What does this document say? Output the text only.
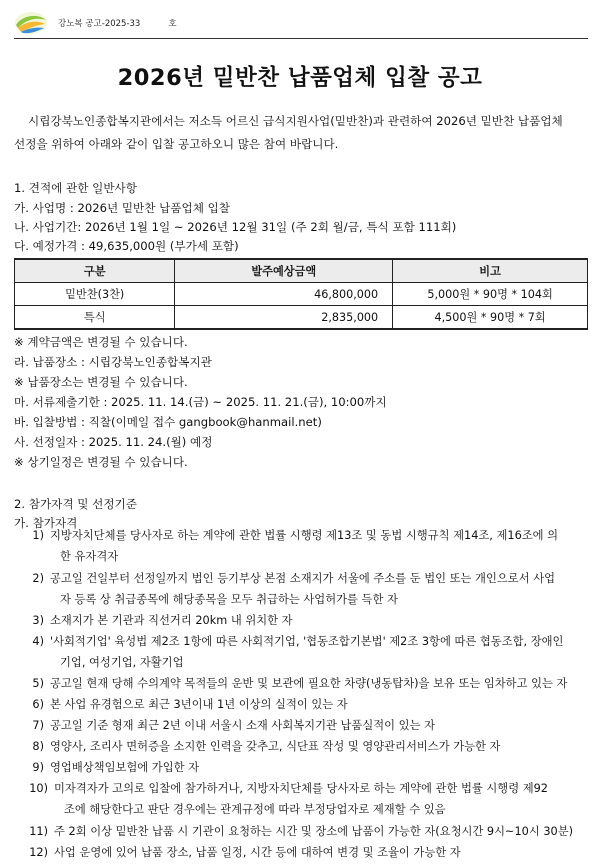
강노복 공고-2025-33	호
2026년 밑반찬 납품업체 입찰 공고
시립강북노인종합복지관에서는 저소득 어르신 급식지원사업(밑반찬)과 관련하여 2026년 밑반찬 납품업체
선정을 위하여 아래와 같이 입찰 공고하오니 많은 참여 바랍니다.
1. 견적에 관한 일반사항
가. 사업명 : 2026년 밑반찬 납품업체 입찰
나. 사업기간: 2026년 1월 1일 ~ 2026년 12월 31일 (주 2회 월/금, 특식 포함 111회)
다. 예정가격 : 49,635,000원 (부가세 포함)
구분	발주예상금액	비고
밑반찬(3찬)	46,800,000	5,000원 * 90명 * 104회
특식	2,835,000	4,500원 * 90명 * 7회
※ 계약금액은 변경될 수 있습니다.
라. 납품장소 : 시립강북노인종합복지관
※ 납품장소는 변경될 수 있습니다.
마. 서류제출기한 : 2025. 11. 14.(금) ~ 2025. 11. 21.(금), 10:00까지
바. 입찰방법 : 직찰(이메일 접수 gangbook@hanmail.net)
사. 선정일자 : 2025. 11. 24.(월) 예정
※ 상기일정은 변경될 수 있습니다.
2. 참가자격 및 선정기준
가. 참가자격
1) 지방자치단체를 당사자로 하는 계약에 관한 법률 시행령 제13조 및 동법 시행규칙 제14조, 제16조에 의
한 유자격자
2) 공고일 건일부터 선정일까지 법인 등기부상 본점 소재지가 서울에 주소를 둔 법인 또는 개인으로서 사업
자 등록 상 취급종목에 해당종목을 모두 취급하는 사업허가를 득한 자
3) 소재지가 본 기관과 직선거리 20km 내 위치한 자
4) '사회적기업' 육성법 제2조 1항에 따른 사회적기업, '협동조합기본법' 제2조 3항에 따른 협동조합, 장애인
기업, 여성기업, 자활기업
5) 공고일 현재 당해 수의계약 목적들의 운반 및 보관에 필요한 차량(냉동탑차)을 보유 또는 임차하고 있는 자
6) 본 사업 유경험으로 최근 3년이내 1년 이상의 실적이 있는 자
7) 공고일 기준 형재 최근 2년 이내 서울시 소재 사회복지기관 납품실적이 있는 자
8) 영양사, 조리사 면허증을 소지한 인력을 갖추고, 식단표 작성 및 영양관리서비스가 가능한 자
9) 영업배상책임보험에 가입한 자
10) 미자격자가 고의로 입찰에 참가하거나, 지방자치단체를 당사자로 하는 계약에 관한 법률 시행령 제92
조에 해당한다고 판단 경우에는 관계규정에 따라 부정당업자로 제재할 수 있음
11) 주 2회 이상 밑반찬 납품 시 기관이 요청하는 시간 및 장소에 납품이 가능한 자(요청시간 9시~10시 30분)
12) 사업 운영에 있어 납품 장소, 납품 일정, 시간 등에 대하여 변경 및 조율이 가능한 자
